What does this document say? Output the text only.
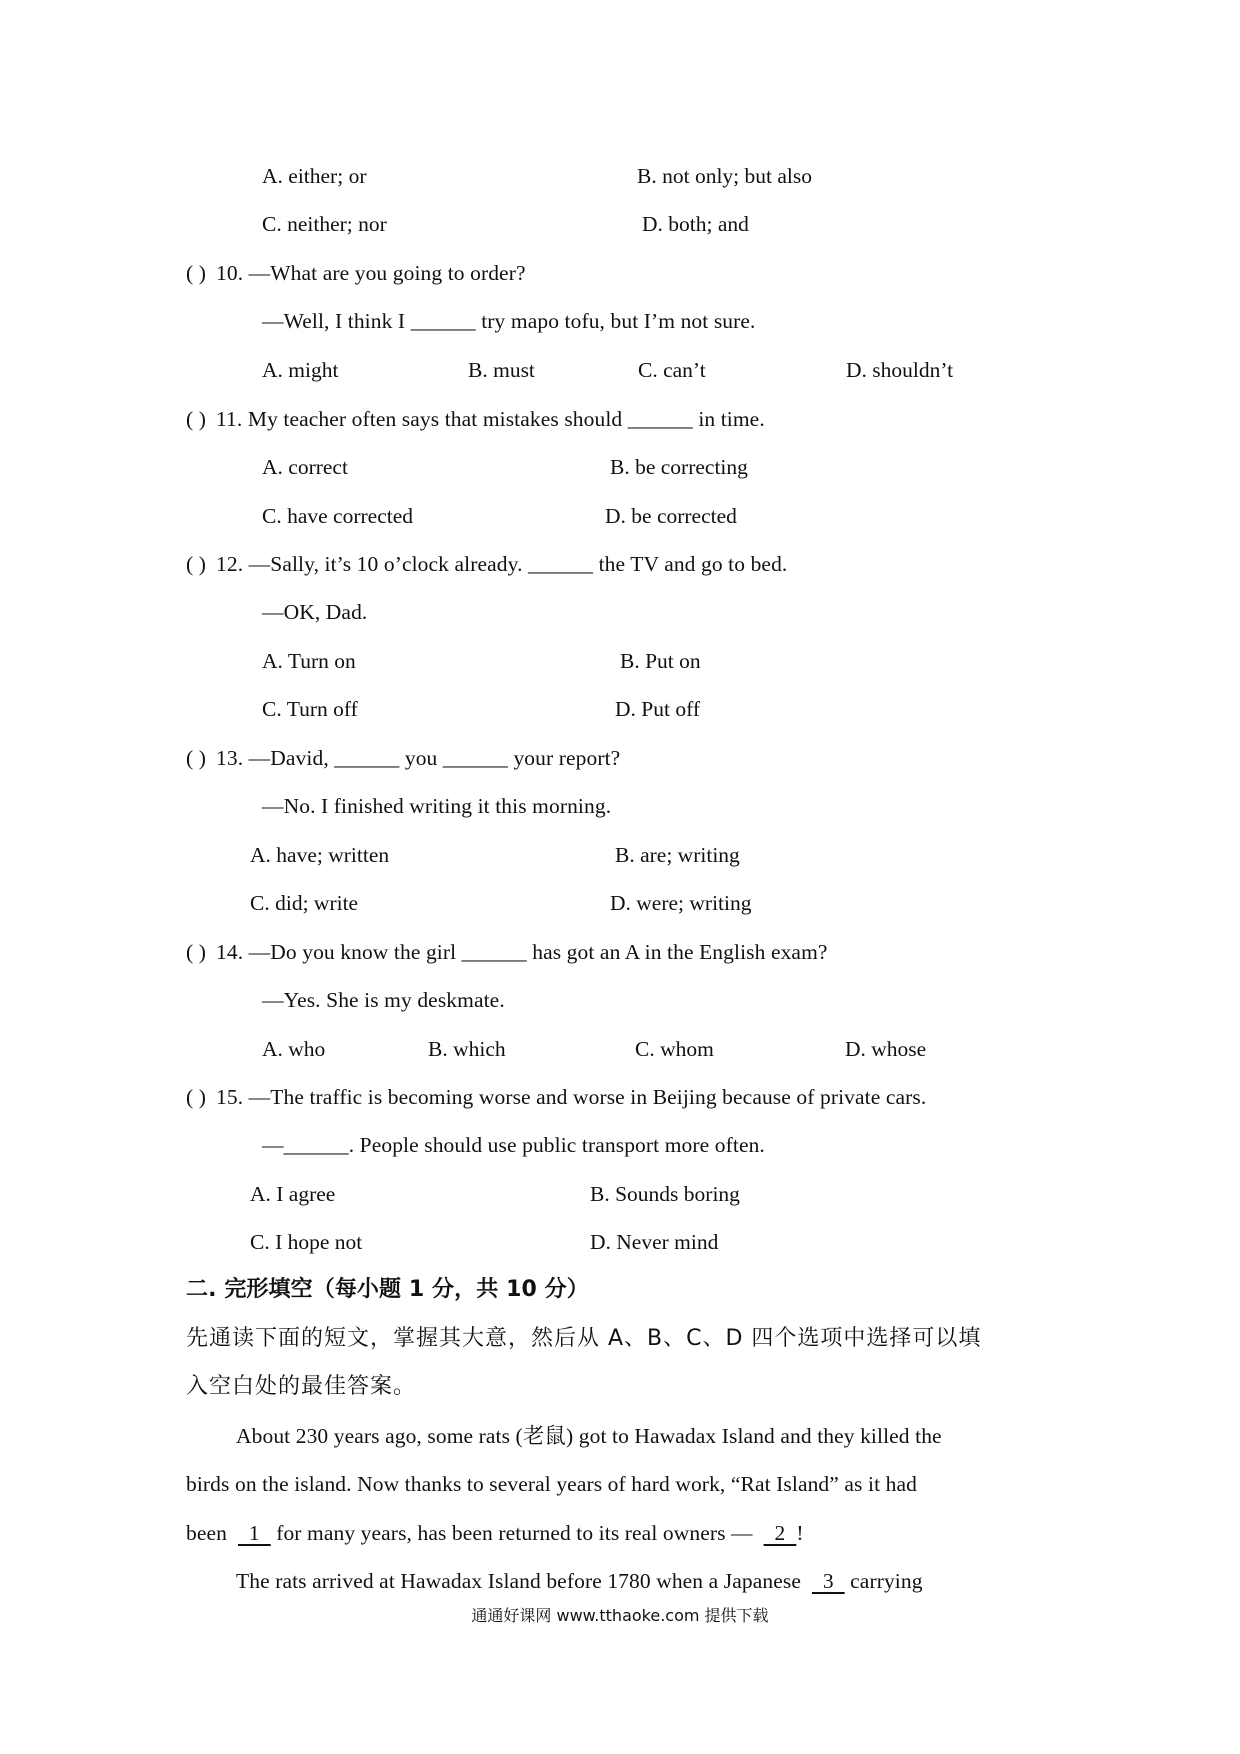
A. either; or	B. not only; but also
C. neither; nor	D. both; and
( ) 10. —What are you going to order?
—Well, I think I ______ try mapo tofu, but I’m not sure.
A. might	B. must	C. can’t	D. shouldn’t
( ) 11. My teacher often says that mistakes should ______ in time.
A. correct	B. be correcting
C. have corrected	D. be corrected
( ) 12. —Sally, it’s 10 o’clock already. ______ the TV and go to bed.
—OK, Dad.
A. Turn on	B. Put on
C. Turn off	D. Put off
( ) 13. —David, ______ you ______ your report?
—No. I finished writing it this morning.
A. have; written	B. are; writing
C. did; write	D. were; writing
( ) 14. —Do you know the girl ______ has got an A in the English exam?
—Yes. She is my deskmate.
A. who	B. which	C. whom	D. whose
( ) 15. —The traffic is becoming worse and worse in Beijing because of private cars.
—______. People should use public transport more often.
A. I agree	B. Sounds boring
C. I hope not	D. Never mind
二. 完形填空（每小题 1 分，共 10 分）
先通读下面的短文，掌握其大意，然后从 A、B、C、D 四个选项中选择可以填
入空白处的最佳答案。
About 230 years ago, some rats (老鼠) got to Hawadax Island and they killed the
birds on the island. Now thanks to several years of hard work, “Rat Island” as it had
been    1   for many years, has been returned to its real owners —    2  !
The rats arrived at Hawadax Island before 1780 when a Japanese    3   carrying
通通好课网 www.tthaoke.com 提供下载
